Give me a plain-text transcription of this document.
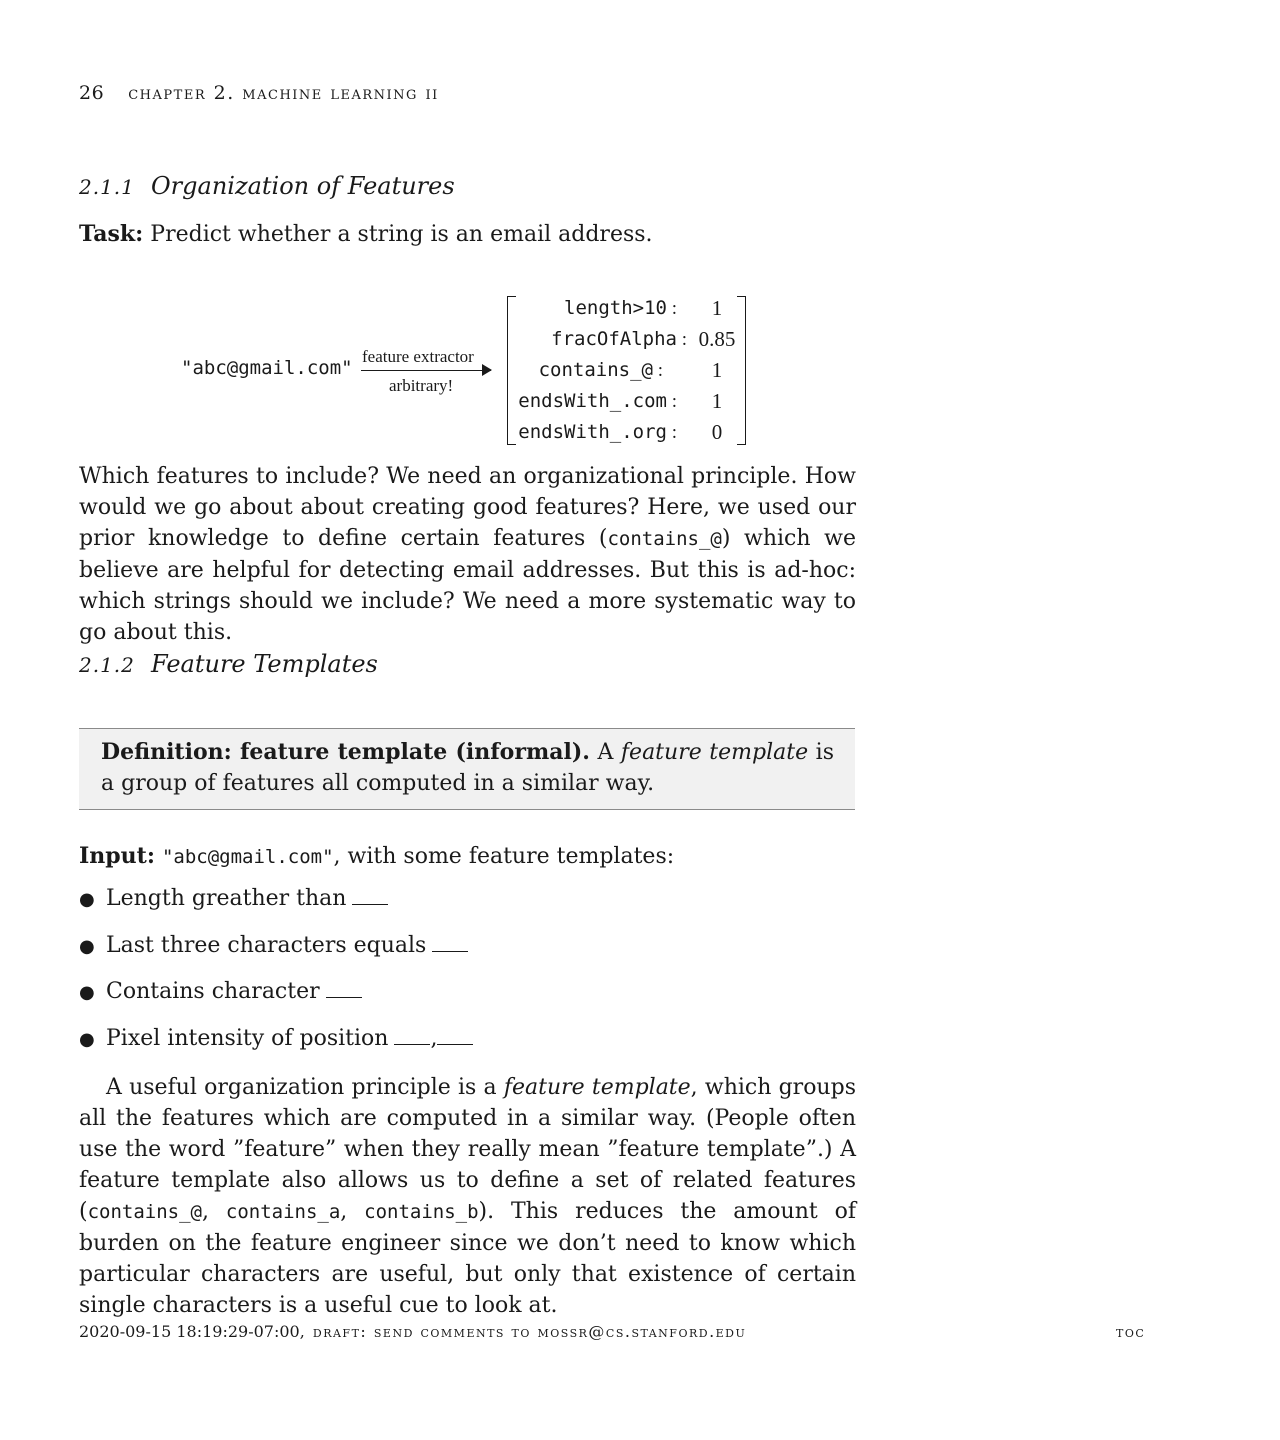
26 chapter 2. machine learning ii
2.1.1 Organization of Features
Task: Predict whether a string is an email address.
"abc@gmail.com"
feature extractor
arbitrary!
length>10 :	1
fracOfAlpha : 0.85
contains_@ :	1
endsWith_.com :	1
endsWith_.org :	0
Which features to include? We need an organizational principle. How would we go about about creating good features? Here, we used our prior knowledge to define certain features (contains_@) which we believe are helpful for detecting email addresses. But this is ad-hoc: which strings should we include? We need a more systematic way to go about this.
2.1.2 Feature Templates
Definition: feature template (informal). A feature template is a group of features all computed in a similar way.
Input: "abc@gmail.com", with some feature templates:
● Length greather than
● Last three characters equals
● Contains character
● Pixel intensity of position ,
A useful organization principle is a feature template, which groups all the features which are computed in a similar way. (People often use the word ”feature” when they really mean ”feature template”.) A feature template also allows us to define a set of related features (contains_@, contains_a, contains_b). This reduces the amount of burden on the feature engineer since we don’t need to know which particular characters are useful, but only that existence of certain single characters is a useful cue to look at.
2020-09-15 18:19:29-07:00, draft: send comments to mossr@cs.stanford.edu	toc
